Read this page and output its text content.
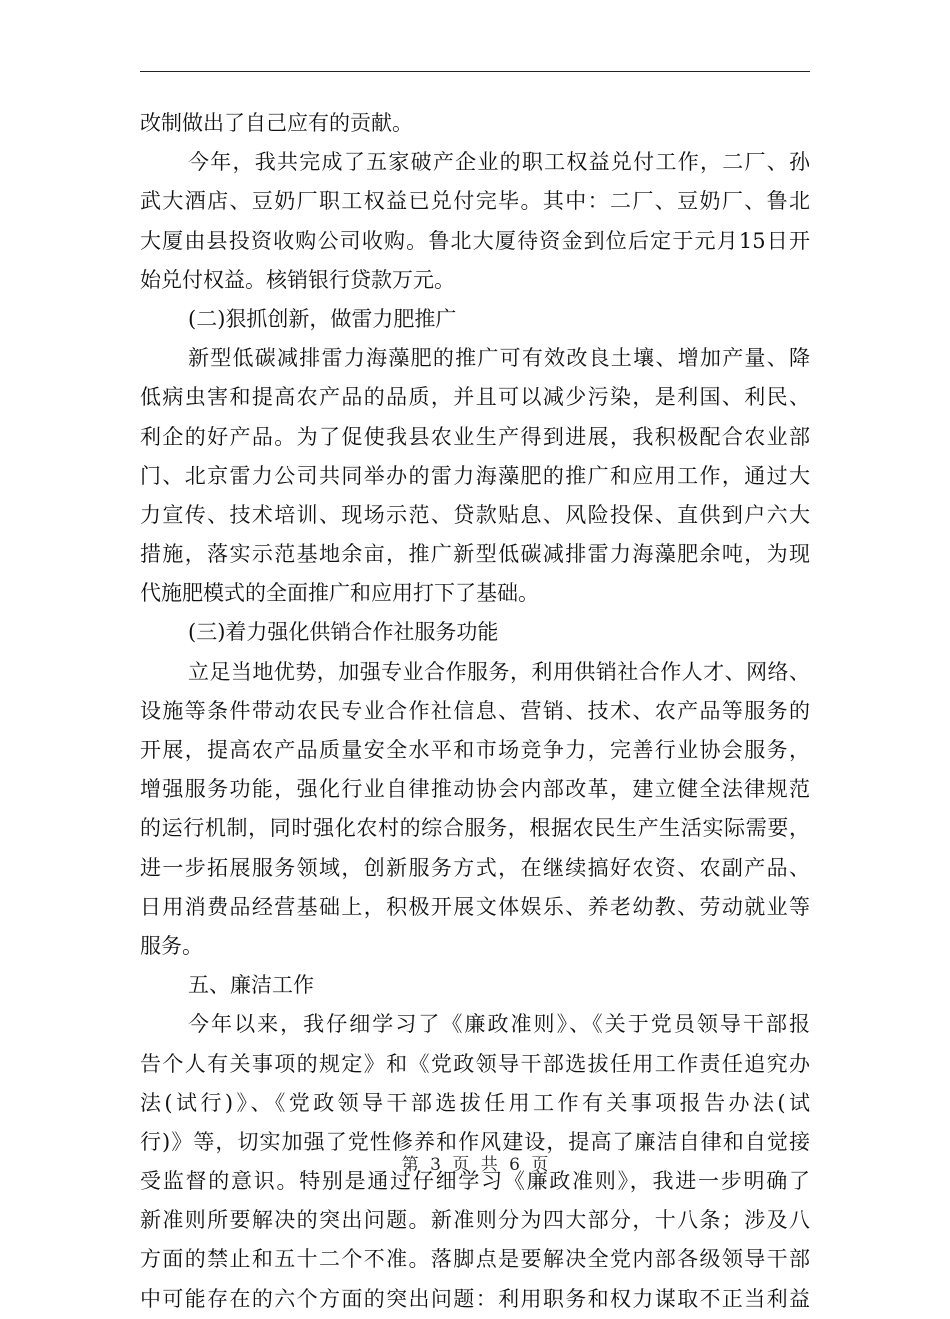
改制做出了自己应有的贡献。
今年，我共完成了五家破产企业的职工权益兑付工作，二厂、孙
武大酒店、豆奶厂职工权益已兑付完毕。其中：二厂、豆奶厂、鲁北
大厦由县投资收购公司收购。鲁北大厦待资金到位后定于元月15日开
始兑付权益。核销银行贷款万元。
(二)狠抓创新，做雷力肥推广
新型低碳减排雷力海藻肥的推广可有效改良土壤、增加产量、降
低病虫害和提高农产品的品质，并且可以减少污染，是利国、利民、
利企的好产品。为了促使我县农业生产得到进展，我积极配合农业部
门、北京雷力公司共同举办的雷力海藻肥的推广和应用工作，通过大
力宣传、技术培训、现场示范、贷款贴息、风险投保、直供到户六大
措施，落实示范基地余亩，推广新型低碳减排雷力海藻肥余吨，为现
代施肥模式的全面推广和应用打下了基础。
(三)着力强化供销合作社服务功能
立足当地优势，加强专业合作服务，利用供销社合作人才、网络、
设施等条件带动农民专业合作社信息、营销、技术、农产品等服务的
开展，提高农产品质量安全水平和市场竞争力，完善行业协会服务，
增强服务功能，强化行业自律推动协会内部改革，建立健全法律规范
的运行机制，同时强化农村的综合服务，根据农民生产生活实际需要，
进一步拓展服务领域，创新服务方式，在继续搞好农资、农副产品、
日用消费品经营基础上，积极开展文体娱乐、养老幼教、劳动就业等
服务。
五、廉洁工作
今年以来，我仔细学习了《廉政准则》、《关于党员领导干部报
告个人有关事项的规定》和《党政领导干部选拔任用工作责任追究办
法(试行)》、《党政领导干部选拔任用工作有关事项报告办法(试
行)》等，切实加强了党性修养和作风建设，提高了廉洁自律和自觉接
受监督的意识。特别是通过仔细学习《廉政准则》，我进一步明确了
新准则所要解决的突出问题。新准则分为四大部分，十八条；涉及八
方面的禁止和五十二个不准。落脚点是要解决全党内部各级领导干部
中可能存在的六个方面的突出问题：利用职务和权力谋取不正当利益
第 3 页 共 6 页
